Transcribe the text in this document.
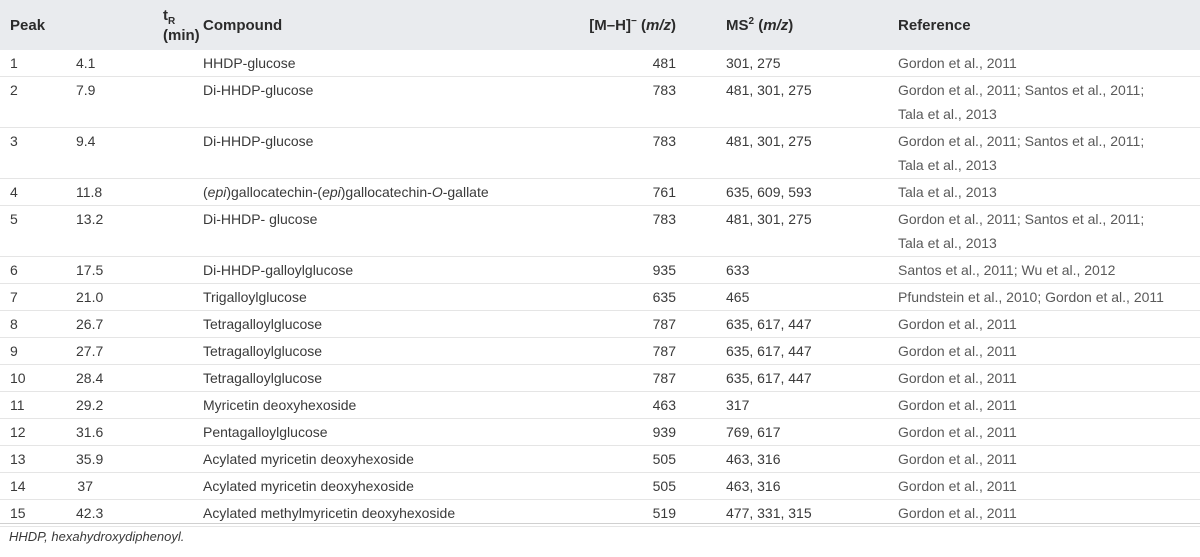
Peak	$t_R$ (min)	Compound	[M–H]− (m/z)	$MS^2$ (m/z)	Reference
1	4.1	HHDP-glucose	481	301, 275	Gordon et al., 2011

2	7.9	Di-HHDP-glucose	783	481, 301, 275	Gordon et al., 2011; Santos et al., 2011;
Tala et al., 2013

3	9.4	Di-HHDP-glucose	783	481, 301, 275	Gordon et al., 2011; Santos et al., 2011;
Tala et al., 2013

4	11.8	(epi)gallocatechin-(epi)gallocatechin-O-gallate	761	635, 609, 593	Tala et al., 2013

5	13.2	Di-HHDP- glucose	783	481, 301, 275	Gordon et al., 2011; Santos et al., 2011;
Tala et al., 2013

6	17.5	Di-HHDP-galloylglucose	935	633	Santos et al., 2011; Wu et al., 2012

7	21.0	Trigalloylglucose	635	465	Pfundstein et al., 2010; Gordon et al., 2011

8	26.7	Tetragalloylglucose	787	635, 617, 447	Gordon et al., 2011

9	27.7	Tetragalloylglucose	787	635, 617, 447	Gordon et al., 2011

10	28.4	Tetragalloylglucose	787	635, 617, 447	Gordon et al., 2011

11	29.2	Myricetin deoxyhexoside	463	317	Gordon et al., 2011

12	31.6	Pentagalloylglucose	939	769, 617	Gordon et al., 2011

13	35.9	Acylated myricetin deoxyhexoside	505	463, 316	Gordon et al., 2011

14	37	Acylated myricetin deoxyhexoside	505	463, 316	Gordon et al., 2011

15	42.3	Acylated methylmyricetin deoxyhexoside	519	477, 331, 315	Gordon et al., 2011
HHDP, hexahydroxydiphenoyl.
